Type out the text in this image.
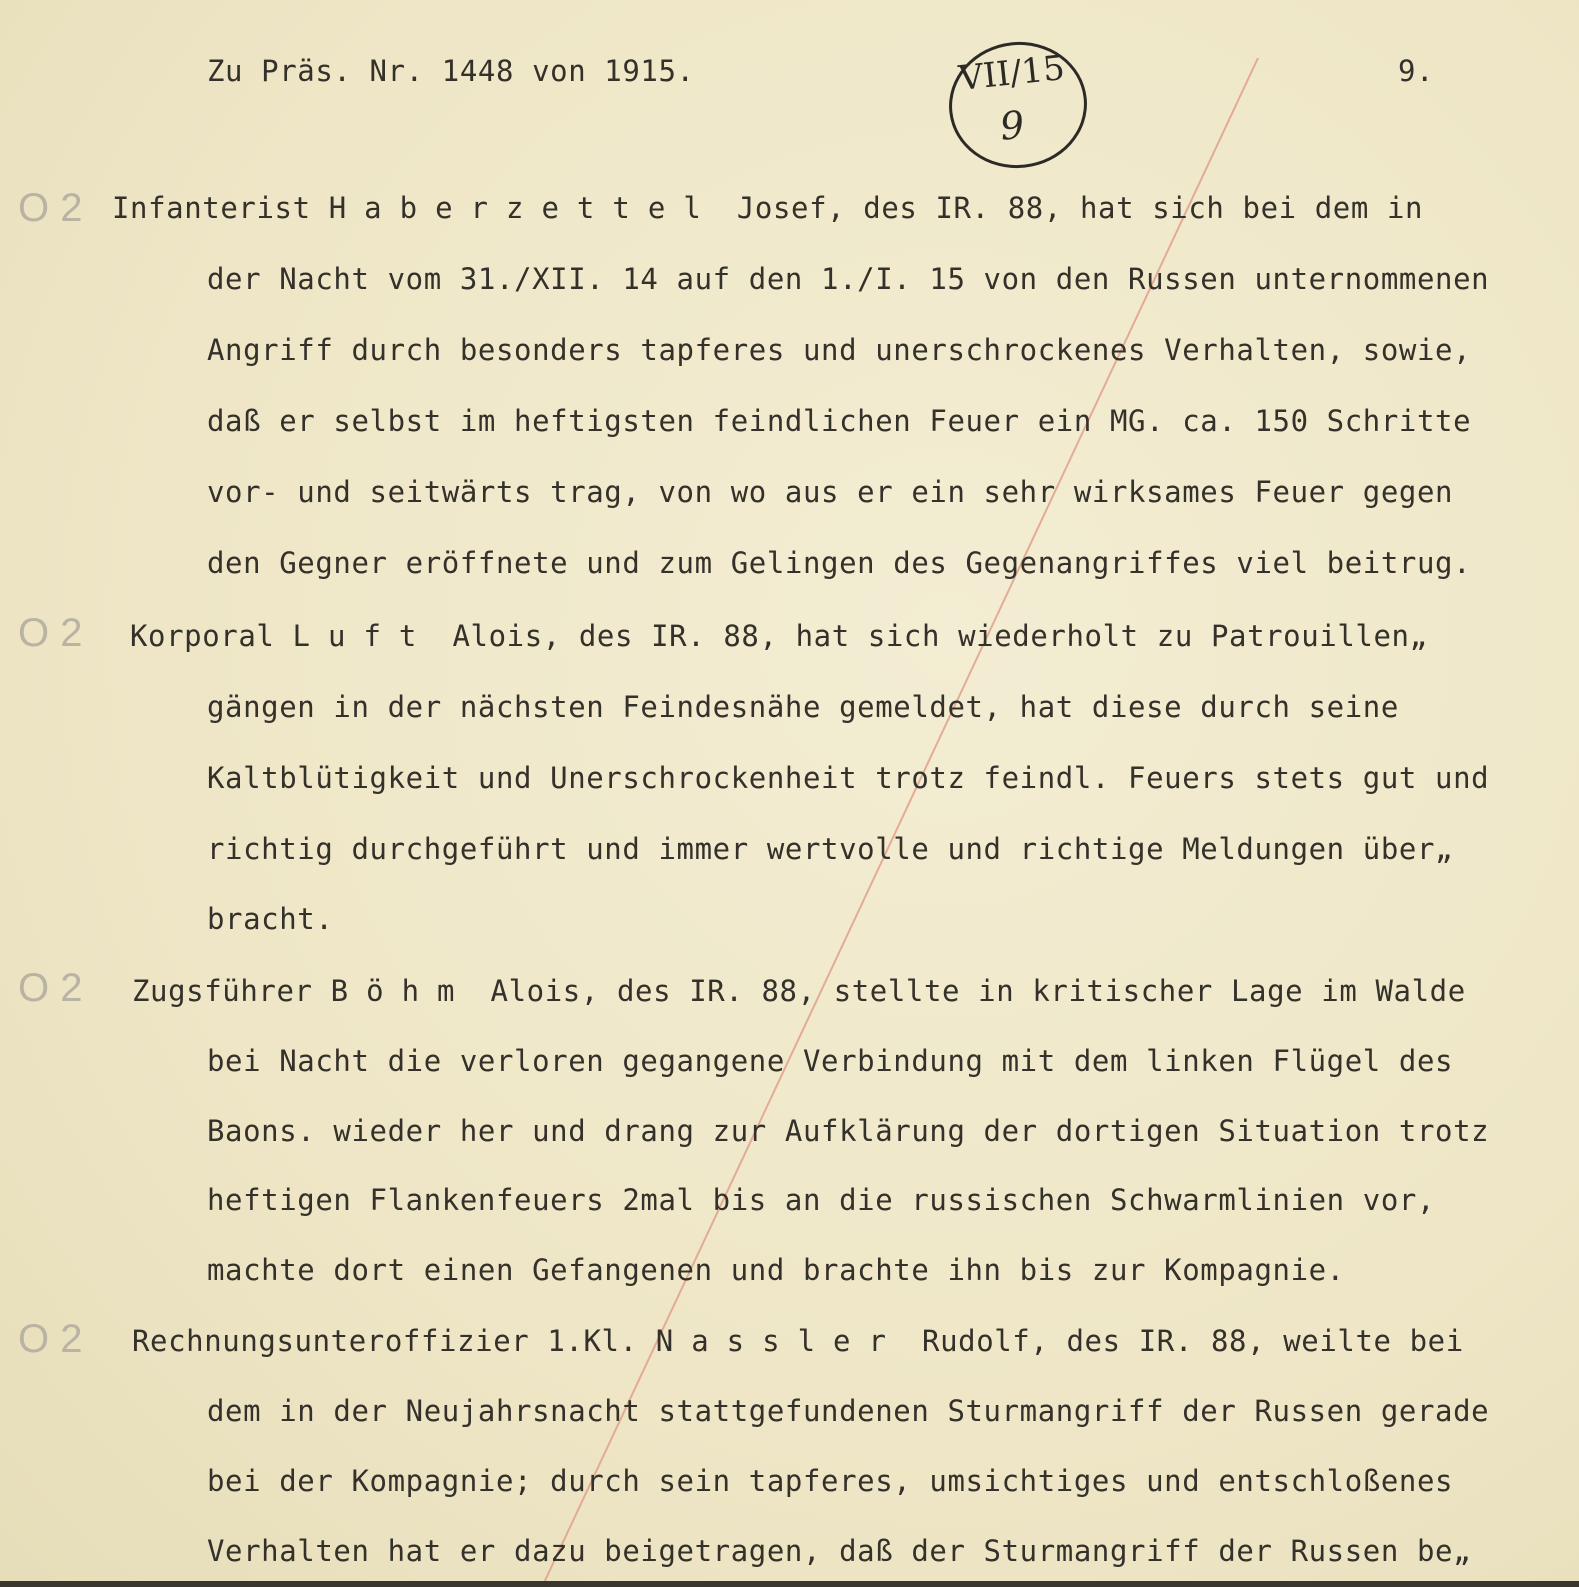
Zu Präs. Nr. 1448 von 1915.	9.
VII/15
9
O 2 Infanterist Haberzettel Josef, des IR. 88, hat sich bei dem in
der Nacht vom 31./XII. 14 auf den 1./I. 15 von den Russen unternommenen
Angriff durch besonders tapferes und unerschrockenes Verhalten, sowie,
daß er selbst im heftigsten feindlichen Feuer ein MG. ca. 150 Schritte
vor- und seitwärts trag, von wo aus er ein sehr wirksames Feuer gegen
den Gegner eröffnete und zum Gelingen des Gegenangriffes viel beitrug.
O 2 Korporal Luft Alois, des IR. 88, hat sich wiederholt zu Patrouillen„
gängen in der nächsten Feindesnähe gemeldet, hat diese durch seine
Kaltblütigkeit und Unerschrockenheit trotz feindl. Feuers stets gut und
richtig durchgeführt und immer wertvolle und richtige Meldungen über„
bracht.
O 2 Zugsführer Böhm Alois, des IR. 88, stellte in kritischer Lage im Walde
bei Nacht die verloren gegangene Verbindung mit dem linken Flügel des
Baons. wieder her und drang zur Aufklärung der dortigen Situation trotz
heftigen Flankenfeuers 2mal bis an die russischen Schwarmlinien vor,
machte dort einen Gefangenen und brachte ihn bis zur Kompagnie.
O 2 Rechnungsunteroffizier 1.Kl. Nassler Rudolf, des IR. 88, weilte bei
dem in der Neujahrsnacht stattgefundenen Sturmangriff der Russen gerade
bei der Kompagnie; durch sein tapferes, umsichtiges und entschloßenes
Verhalten hat er dazu beigetragen, daß der Sturmangriff der Russen be„
